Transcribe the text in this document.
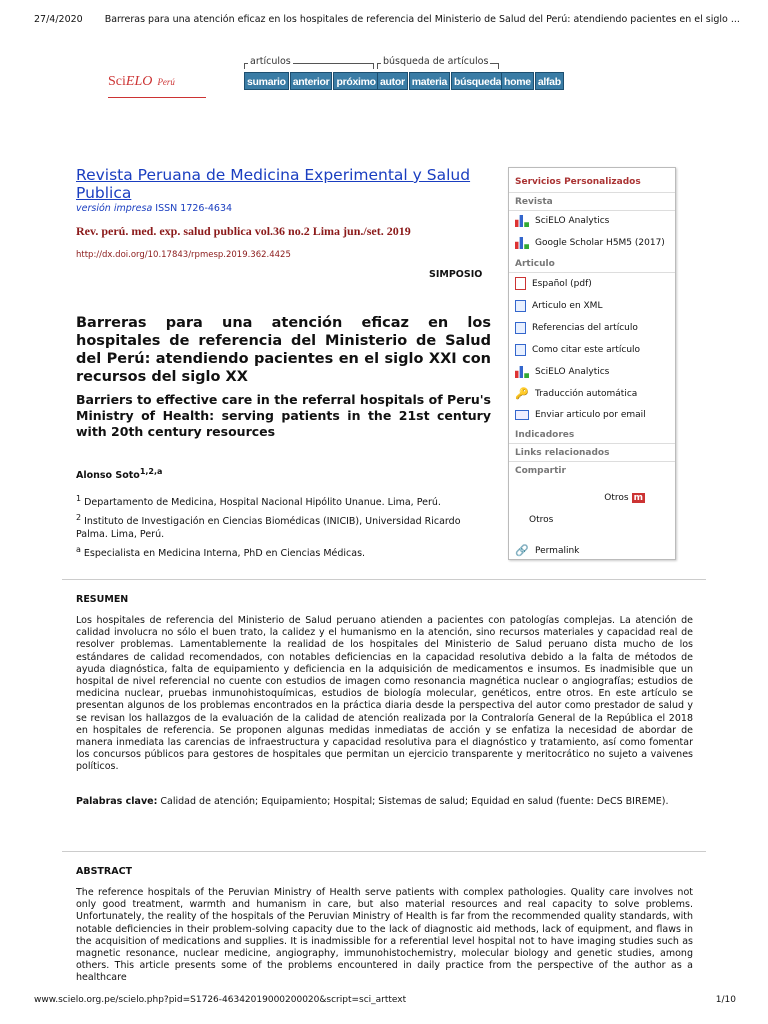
27/4/2020 Barreras para una atención eficaz en los hospitales de referencia del Ministerio de Salud del Perú: atendiendo pacientes en el siglo ...
SciELO Perú
artículos
sumario anterior próximo
búsqueda de artículos
autor materia búsqueda home alfab
Revista Peruana de Medicina Experimental y Salud Publica
versión impresa ISSN 1726-4634
Rev. perú. med. exp. salud publica vol.36 no.2 Lima jun./set. 2019
http://dx.doi.org/10.17843/rpmesp.2019.362.4425
SIMPOSIO
Barreras para una atención eficaz en los hospitales de referencia del Ministerio de Salud del Perú: atendiendo pacientes en el siglo XXI con recursos del siglo XX
Barriers to effective care in the referral hospitals of Peru's Ministry of Health: serving patients in the 21st century with 20th century resources
Alonso Soto$^{1,2,a}$

$^1$ Departamento de Medicina, Hospital Nacional Hipólito Unanue. Lima, Perú.

$^2$ Instituto de Investigación en Ciencias Biomédicas (INICIB), Universidad Ricardo Palma. Lima, Perú.

$^a$ Especialista en Medicina Interna, PhD en Ciencias Médicas.

Servicios Personalizados
Revista
SciELO Analytics
Google Scholar H5M5 (2017)
Articulo
Español (pdf)
Articulo en XML
Referencias del artículo
Como citar este artículo
SciELO Analytics
🔑 Traducción automática
Enviar articulo por email
Indicadores
Links relacionados
Compartir
Otros m
Otros
🔗 Permalink
RESUMEN
Los hospitales de referencia del Ministerio de Salud peruano atienden a pacientes con patologías complejas. La atención de calidad involucra no sólo el buen trato, la calidez y el humanismo en la atención, sino recursos materiales y capacidad real de resolver problemas. Lamentablemente la realidad de los hospitales del Ministerio de Salud peruano dista mucho de los estándares de calidad recomendados, con notables deficiencias en la capacidad resolutiva debido a la falta de métodos de ayuda diagnóstica, falta de equipamiento y deficiencia en la adquisición de medicamentos e insumos. Es inadmisible que un hospital de nivel referencial no cuente con estudios de imagen como resonancia magnética nuclear o angiografías; estudios de medicina nuclear, pruebas inmunohistoquímicas, estudios de biología molecular, genéticos, entre otros. En este artículo se presentan algunos de los problemas encontrados en la práctica diaria desde la perspectiva del autor como prestador de salud y se revisan los hallazgos de la evaluación de la calidad de atención realizada por la Contraloría General de la República el 2018 en hospitales de referencia. Se proponen algunas medidas inmediatas de acción y se enfatiza la necesidad de abordar de manera inmediata las carencias de infraestructura y capacidad resolutiva para el diagnóstico y tratamiento, así como fomentar los concursos públicos para gestores de hospitales que permitan un ejercicio transparente y meritocrático no sujeto a vaivenes políticos.
Palabras clave: Calidad de atención; Equipamiento; Hospital; Sistemas de salud; Equidad en salud (fuente: DeCS BIREME).
ABSTRACT
The reference hospitals of the Peruvian Ministry of Health serve patients with complex pathologies. Quality care involves not only good treatment, warmth and humanism in care, but also material resources and real capacity to solve problems. Unfortunately, the reality of the hospitals of the Peruvian Ministry of Health is far from the recommended quality standards, with notable deficiencies in their problem-solving capacity due to the lack of diagnostic aid methods, lack of equipment, and flaws in the acquisition of medications and supplies. It is inadmissible for a referential level hospital not to have imaging studies such as magnetic resonance, nuclear medicine, angiography, immunohistochemistry, molecular biology and genetic studies, among others. This article presents some of the problems encountered in daily practice from the perspective of the author as a healthcare
www.scielo.org.pe/scielo.php?pid=S1726-46342019000200020&script=sci_arttext	1/10
